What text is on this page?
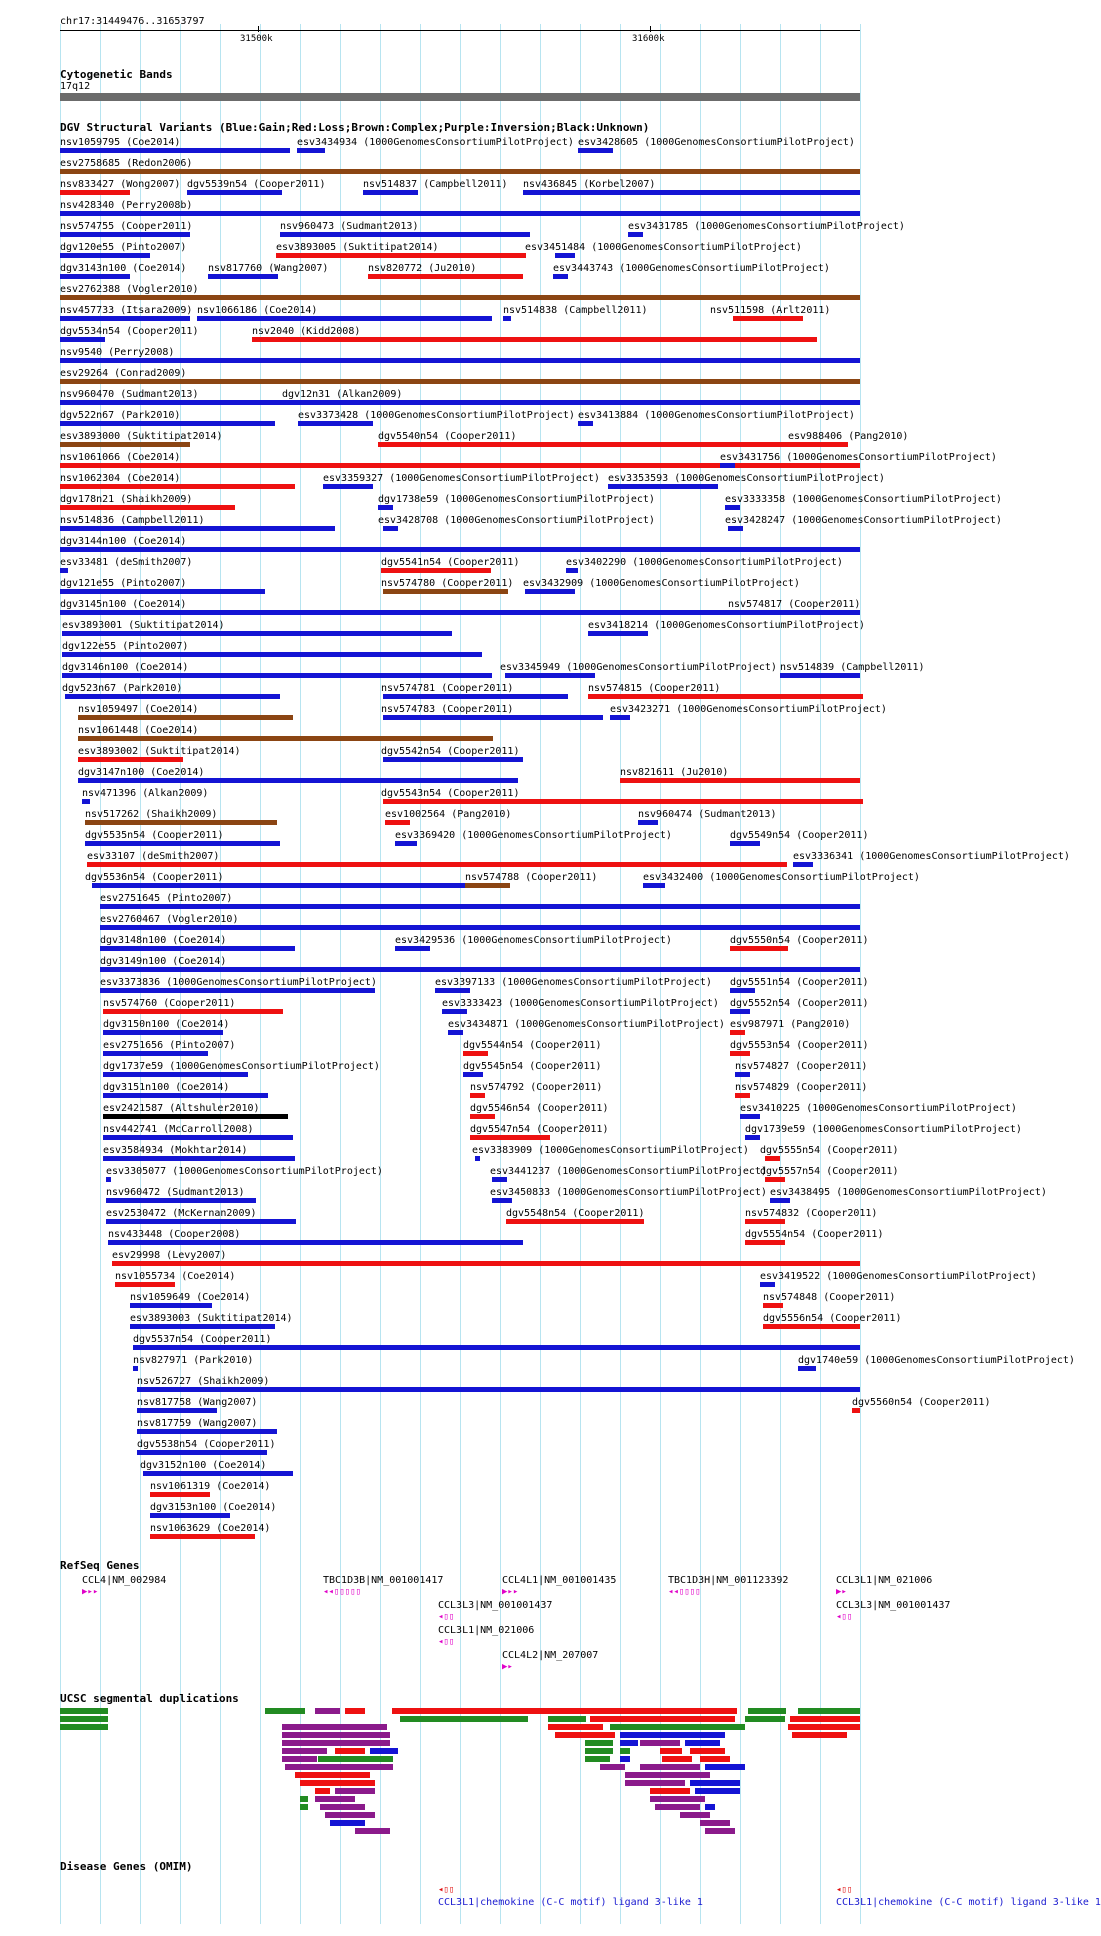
chr17:31449476..31653797
31500k	31600k
Cytogenetic Bands
17q12
DGV Structural Variants (Blue:Gain;Red:Loss;Brown:Complex;Purple:Inversion;Black:Unknown)
nsv1059795 (Coe2014)	esv3434934 (1000GenomesConsortiumPilotProject) esv3428605 (1000GenomesConsortiumPilotProject)
esv2758685 (Redon2006)
nsv833427 (Wong2007) dgv5539n54 (Cooper2011)	nsv514837 (Campbell2011) nsv436845 (Korbel2007)
nsv428340 (Perry2008b)
nsv574755 (Cooper2011)	nsv960473 (Sudmant2013)	esv3431785 (1000GenomesConsortiumPilotProject)
dgv120e55 (Pinto2007)	esv3893005 (Suktitipat2014)	esv3451484 (1000GenomesConsortiumPilotProject)
dgv3143n100 (Coe2014) nsv817760 (Wang2007)	nsv820772 (Ju2010)	esv3443743 (1000GenomesConsortiumPilotProject)
esv2762388 (Vogler2010)
nsv457733 (Itsara2009) nsv1066186 (Coe2014)	nsv514838 (Campbell2011)	nsv511598 (Arlt2011)
dgv5534n54 (Cooper2011)	nsv2040 (Kidd2008)
nsv9540 (Perry2008)
esv29264 (Conrad2009)
nsv960470 (Sudmant2013)	dgv12n31 (Alkan2009)
dgv522n67 (Park2010)	esv3373428 (1000GenomesConsortiumPilotProject) esv3413884 (1000GenomesConsortiumPilotProject)
esv3893000 (Suktitipat2014)	dgv5540n54 (Cooper2011)	esv988406 (Pang2010)
nsv1061066 (Coe2014)	esv3431756 (1000GenomesConsortiumPilotProject)
nsv1062304 (Coe2014)	esv3359327 (1000GenomesConsortiumPilotProject) esv3353593 (1000GenomesConsortiumPilotProject)
dgv178n21 (Shaikh2009)	dgv1738e59 (1000GenomesConsortiumPilotProject)	esv3333358 (1000GenomesConsortiumPilotProject)
nsv514836 (Campbell2011)	esv3428708 (1000GenomesConsortiumPilotProject)	esv3428247 (1000GenomesConsortiumPilotProject)
dgv3144n100 (Coe2014)
esv33481 (deSmith2007)	dgv5541n54 (Cooper2011)	esv3402290 (1000GenomesConsortiumPilotProject)
dgv121e55 (Pinto2007)	nsv574780 (Cooper2011) esv3432909 (1000GenomesConsortiumPilotProject)
dgv3145n100 (Coe2014)	nsv574817 (Cooper2011)
esv3893001 (Suktitipat2014)	esv3418214 (1000GenomesConsortiumPilotProject)
dgv122e55 (Pinto2007)
dgv3146n100 (Coe2014)	esv3345949 (1000GenomesConsortiumPilotProject) nsv514839 (Campbell2011)
dgv523n67 (Park2010)	nsv574781 (Cooper2011)	nsv574815 (Cooper2011)
nsv1059497 (Coe2014)	nsv574783 (Cooper2011)	esv3423271 (1000GenomesConsortiumPilotProject)
nsv1061448 (Coe2014)
esv3893002 (Suktitipat2014)	dgv5542n54 (Cooper2011)
dgv3147n100 (Coe2014)	nsv821611 (Ju2010)
nsv471396 (Alkan2009)	dgv5543n54 (Cooper2011)
nsv517262 (Shaikh2009)	esv1002564 (Pang2010)	nsv960474 (Sudmant2013)
dgv5535n54 (Cooper2011)	esv3369420 (1000GenomesConsortiumPilotProject)	dgv5549n54 (Cooper2011)
esv33107 (deSmith2007)	esv3336341 (1000GenomesConsortiumPilotProject)
dgv5536n54 (Cooper2011)	nsv574788 (Cooper2011)	esv3432400 (1000GenomesConsortiumPilotProject)
esv2751645 (Pinto2007)
esv2760467 (Vogler2010)
dgv3148n100 (Coe2014)	esv3429536 (1000GenomesConsortiumPilotProject)	dgv5550n54 (Cooper2011)
dgv3149n100 (Coe2014)
esv3373836 (1000GenomesConsortiumPilotProject)	esv3397133 (1000GenomesConsortiumPilotProject) dgv5551n54 (Cooper2011)
nsv574760 (Cooper2011)	esv3333423 (1000GenomesConsortiumPilotProject) dgv5552n54 (Cooper2011)
dgv3150n100 (Coe2014)	esv3434871 (1000GenomesConsortiumPilotProject) esv987971 (Pang2010)
esv2751656 (Pinto2007)	dgv5544n54 (Cooper2011)	dgv5553n54 (Cooper2011)
dgv1737e59 (1000GenomesConsortiumPilotProject)	dgv5545n54 (Cooper2011)	nsv574827 (Cooper2011)
dgv3151n100 (Coe2014)	nsv574792 (Cooper2011)	nsv574829 (Cooper2011)
esv2421587 (Altshuler2010)	dgv5546n54 (Cooper2011)	esv3410225 (1000GenomesConsortiumPilotProject)
nsv442741 (McCarroll2008)	dgv5547n54 (Cooper2011)	dgv1739e59 (1000GenomesConsortiumPilotProject)
esv3584934 (Mokhtar2014)	esv3383909 (1000GenomesConsortiumPilotProject) dgv5555n54 (Cooper2011)
esv3305077 (1000GenomesConsortiumPilotProject)	esv3441237 (1000GenomesConsortiumPilotProject)
dgv5557n54 (Cooper2011)
nsv960472 (Sudmant2013)	esv3450833 (1000GenomesConsortiumPilotProject) esv3438495 (1000GenomesConsortiumPilotProject)
esv2530472 (McKernan2009)	dgv5548n54 (Cooper2011)	nsv574832 (Cooper2011)
nsv433448 (Cooper2008)	dgv5554n54 (Cooper2011)
esv29998 (Levy2007)
nsv1055734 (Coe2014)	esv3419522 (1000GenomesConsortiumPilotProject)
nsv1059649 (Coe2014)	nsv574848 (Cooper2011)
esv3893003 (Suktitipat2014)	dgv5556n54 (Cooper2011)
dgv5537n54 (Cooper2011)
nsv827971 (Park2010)	dgv1740e59 (1000GenomesConsortiumPilotProject)
nsv526727 (Shaikh2009)
nsv817758 (Wang2007)	dgv5560n54 (Cooper2011)
nsv817759 (Wang2007)
dgv5538n54 (Cooper2011)
dgv3152n100 (Coe2014)
nsv1061319 (Coe2014)
dgv3153n100 (Coe2014)
nsv1063629 (Coe2014)
RefSeq Genes
CCL4|NM_002984
▶▸▸
TBC1D3B|NM_001001417
◂◂▯▯▯▯▯
CCL4L1|NM_001001435
▶▸▸
TBC1D3H|NM_001123392
◂◂▯▯▯▯
CCL3L1|NM_021006
▶▸
CCL3L3|NM_001001437
◂▯▯
CCL3L3|NM_001001437
◂▯▯
CCL3L1|NM_021006
◂▯▯
CCL4L2|NM_207007
▶▸
UCSC segmental duplications
Disease Genes (OMIM)
◂▯▯
CCL3L1|chemokine (C-C motif) ligand 3-like 1
◂▯▯
CCL3L1|chemokine (C-C motif) ligand 3-like 1
